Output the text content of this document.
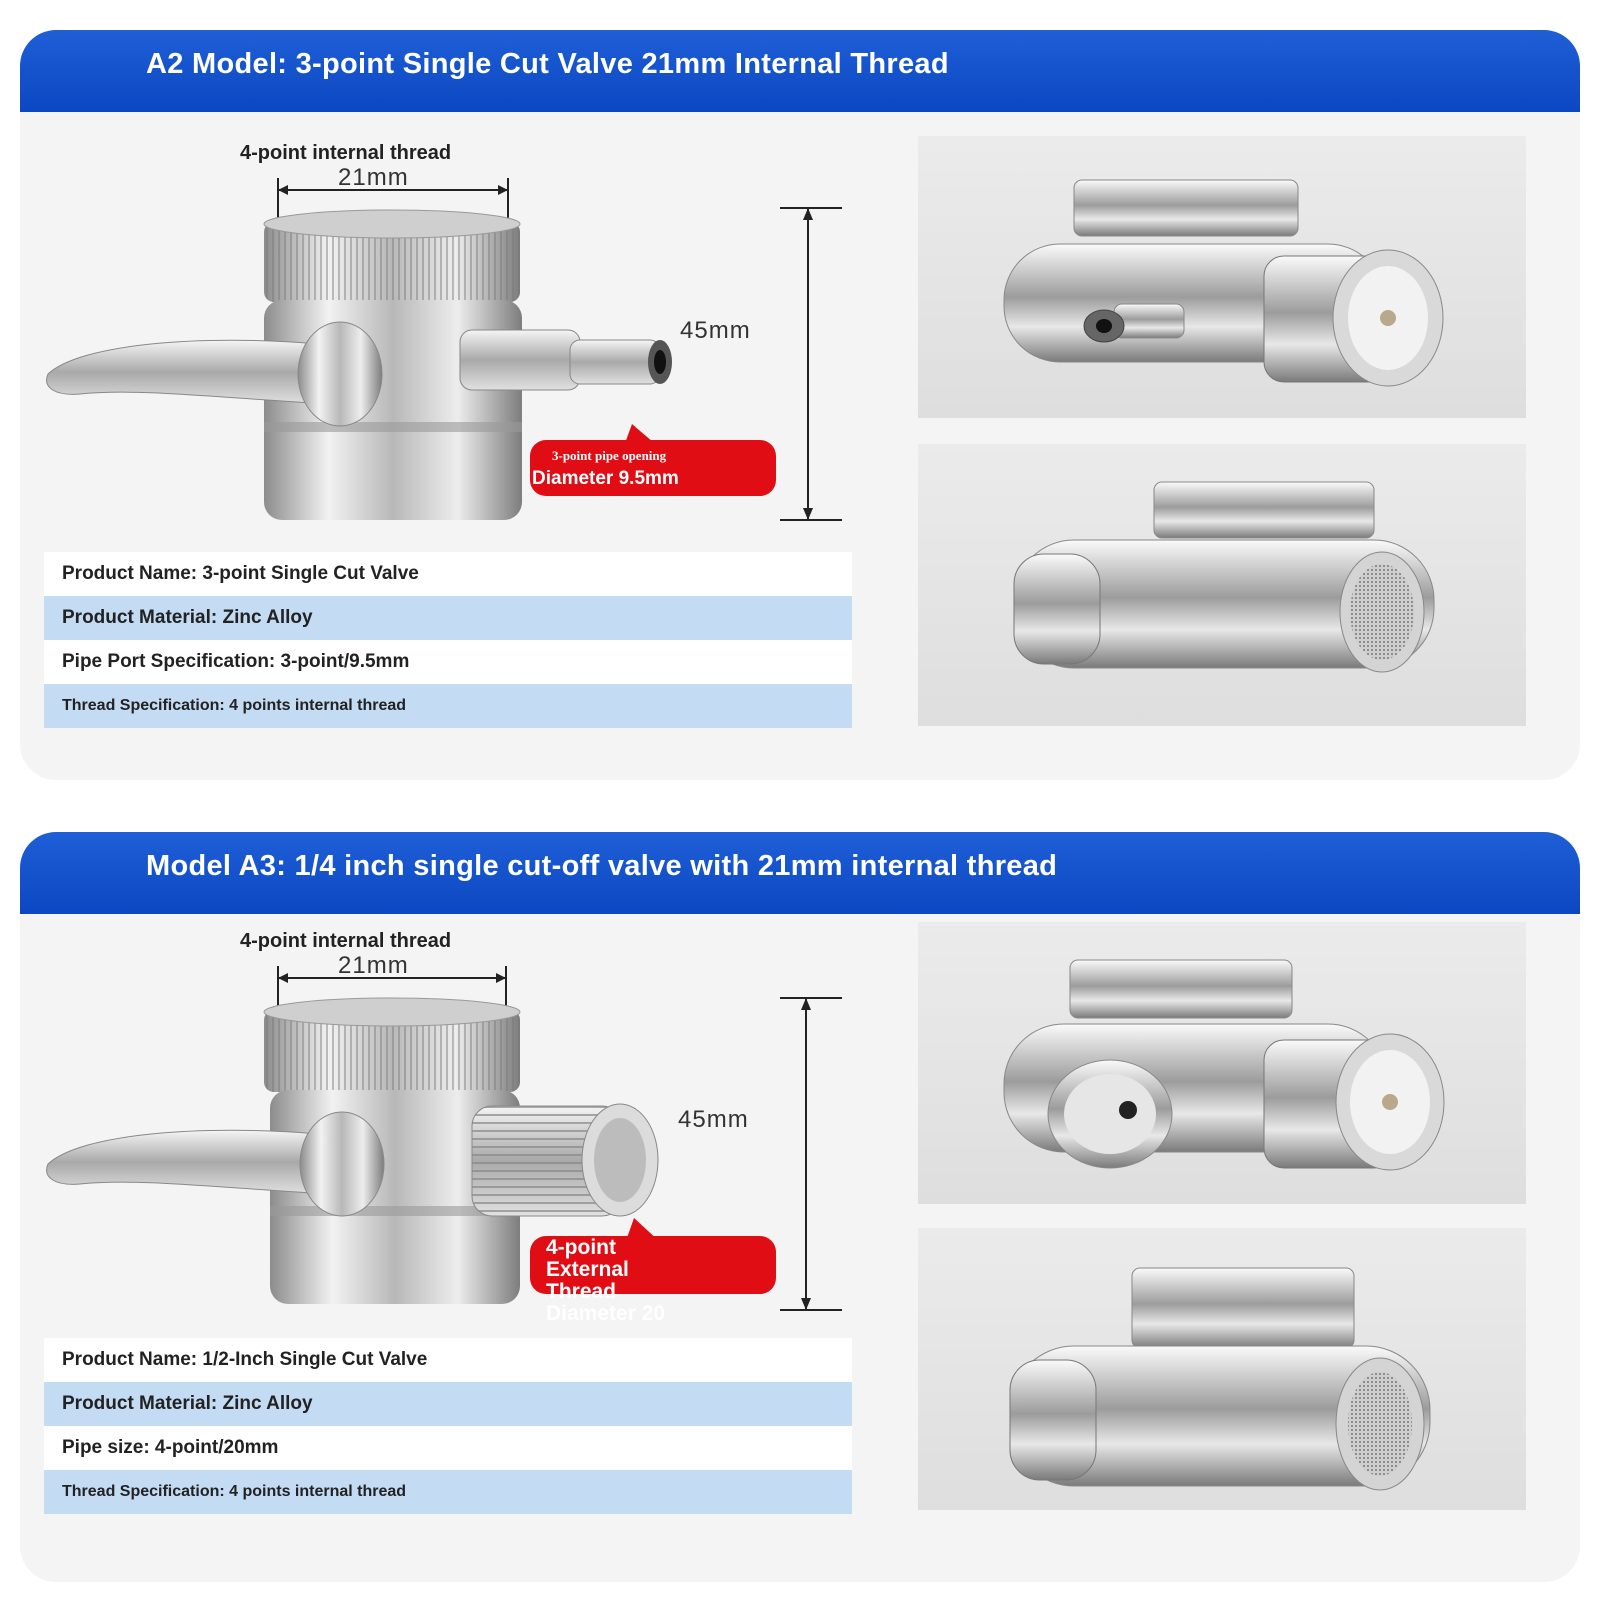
A2 Model: 3-point Single Cut Valve 21mm Internal Thread
4-point internal thread
21mm
45mm
3-point pipe opening
Diameter 9.5mm
Product Name: 3-point Single Cut Valve
Product Material: Zinc Alloy
Pipe Port Specification: 3-point/9.5mm
Thread Specification: 4 points internal thread
Model A3: 1/4 inch single cut-off valve with 21mm internal thread
4-point internal thread
21mm
45mm
4-point
External
Thread
Diameter 20
Product Name: 1/2-Inch Single Cut Valve
Product Material: Zinc Alloy
Pipe size: 4-point/20mm
Thread Specification: 4 points internal thread
